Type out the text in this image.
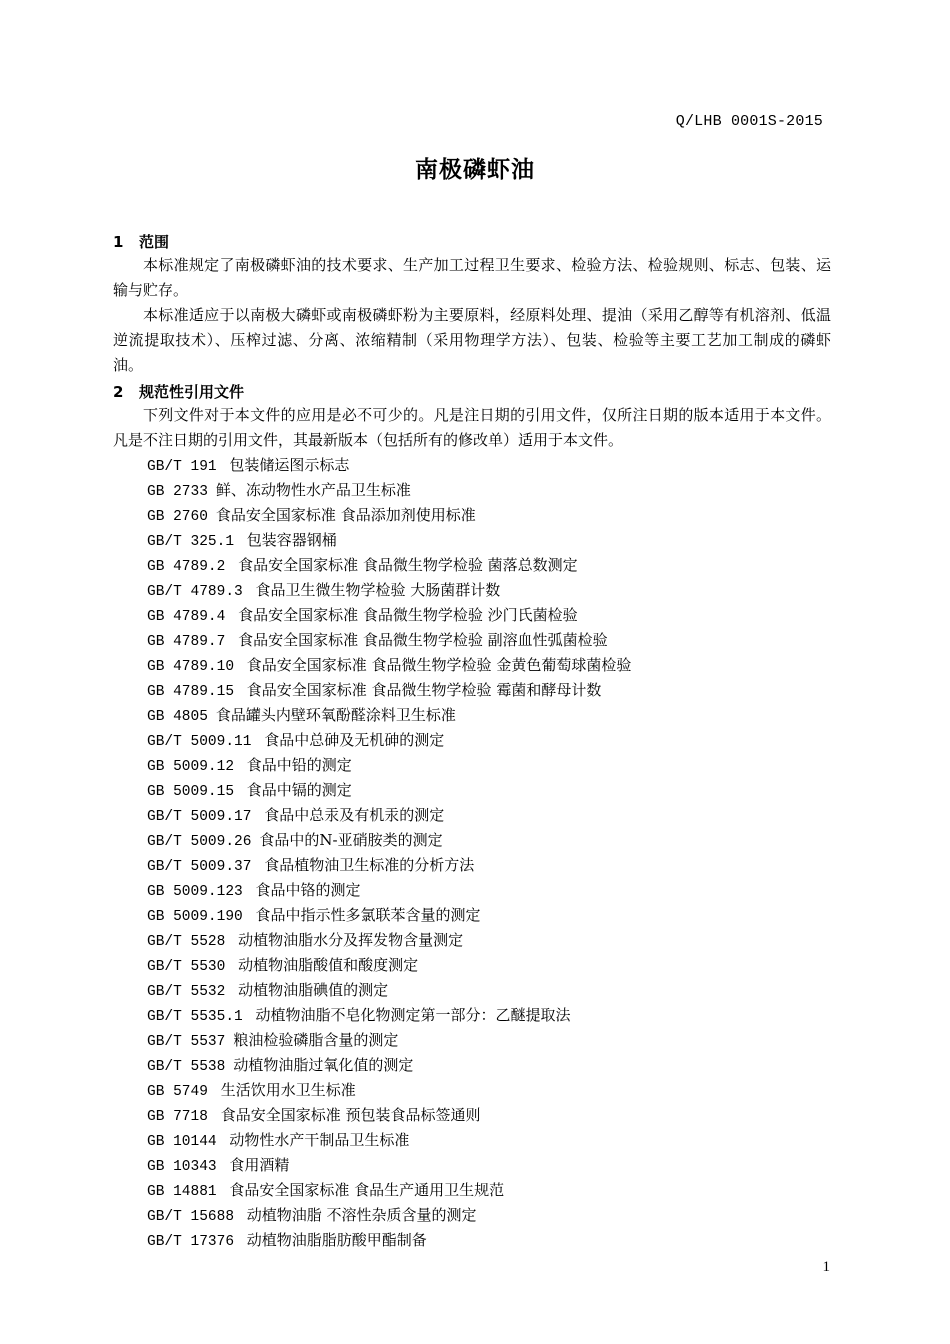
Q/LHB 0001S-2015
南极磷虾油
1 范围

本标准规定了南极磷虾油的技术要求、生产加工过程卫生要求、检验方法、检验规则、标志、包装、运输与贮存。

本标准适应于以南极大磷虾或南极磷虾粉为主要原料，经原料处理、提油（采用乙醇等有机溶剂、低温逆流提取技术）、压榨过滤、分离、浓缩精制（采用物理学方法）、包装、检验等主要工艺加工制成的磷虾油。

2 规范性引用文件

下列文件对于本文件的应用是必不可少的。凡是注日期的引用文件，仅所注日期的版本适用于本文件。凡是不注日期的引用文件，其最新版本（包括所有的修改单）适用于本文件。

GB/T 191 包装储运图示标志
GB 2733 鲜、冻动物性水产品卫生标准
GB 2760 食品安全国家标准 食品添加剂使用标准
GB/T 325.1 包装容器钢桶
GB 4789.2 食品安全国家标准 食品微生物学检验 菌落总数测定
GB/T 4789.3 食品卫生微生物学检验 大肠菌群计数
GB 4789.4 食品安全国家标准 食品微生物学检验 沙门氏菌检验
GB 4789.7 食品安全国家标准 食品微生物学检验 副溶血性弧菌检验
GB 4789.10 食品安全国家标准 食品微生物学检验 金黄色葡萄球菌检验
GB 4789.15 食品安全国家标准 食品微生物学检验 霉菌和酵母计数
GB 4805 食品罐头内壁环氧酚醛涂料卫生标准
GB/T 5009.11 食品中总砷及无机砷的测定
GB 5009.12 食品中铅的测定
GB 5009.15 食品中镉的测定
GB/T 5009.17 食品中总汞及有机汞的测定
GB/T 5009.26 食品中的N-亚硝胺类的测定
GB/T 5009.37 食品植物油卫生标准的分析方法
GB 5009.123 食品中铬的测定
GB 5009.190 食品中指示性多氯联苯含量的测定
GB/T 5528 动植物油脂水分及挥发物含量测定
GB/T 5530 动植物油脂酸值和酸度测定
GB/T 5532 动植物油脂碘值的测定
GB/T 5535.1 动植物油脂不皂化物测定第一部分：乙醚提取法
GB/T 5537 粮油检验磷脂含量的测定
GB/T 5538 动植物油脂过氧化值的测定
GB 5749 生活饮用水卫生标准
GB 7718 食品安全国家标准 预包装食品标签通则
GB 10144 动物性水产干制品卫生标准
GB 10343 食用酒精
GB 14881 食品安全国家标准 食品生产通用卫生规范
GB/T 15688 动植物油脂 不溶性杂质含量的测定
GB/T 17376 动植物油脂脂肪酸甲酯制备
1
